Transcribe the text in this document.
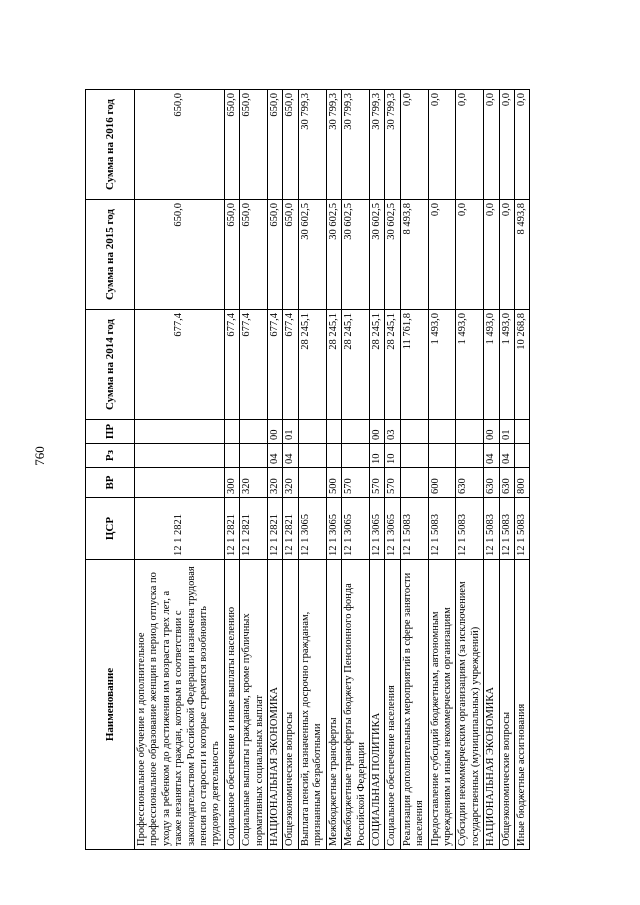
760
Наименование	ЦСР	ВР	Рз	ПР	Сумма на 2014 год	Сумма на 2015 год	Сумма на 2016 год
Профессиональное обучение и дополнительное профессиональное образование женщин в период отпуска по уходу за ребенком до достижения им возраста трех лет, а также незанятых граждан, которым в соответствии с законодательством Российской Федерации назначена трудовая пенсия по старости и которые стремятся возобновить трудовую деятельность	12 1 2821				677,4	650,0	650,0
Социальное обеспечение и иные выплаты населению	12 1 2821	300			677,4	650,0	650,0
Социальные выплаты гражданам, кроме публичных нормативных социальных выплат	12 1 2821	320			677,4	650,0	650,0
НАЦИОНАЛЬНАЯ ЭКОНОМИКА	12 1 2821	320	04	00	677,4	650,0	650,0
Общеэкономические вопросы	12 1 2821	320	04	01	677,4	650,0	650,0
Выплата пенсий, назначенных досрочно гражданам, признанным безработными	12 1 3065				28 245,1	30 602,5	30 799,3
Межбюджетные трансферты	12 1 3065	500			28 245,1	30 602,5	30 799,3
Межбюджетные трансферты бюджету Пенсионного фонда Российской Федерации	12 1 3065	570			28 245,1	30 602,5	30 799,3
СОЦИАЛЬНАЯ ПОЛИТИКА	12 1 3065	570	10	00	28 245,1	30 602,5	30 799,3
Социальное обеспечение населения	12 1 3065	570	10	03	28 245,1	30 602,5	30 799,3
Реализация дополнительных мероприятий в сфере занятости населения	12 1 5083				11 761,8	8 493,8	0,0
Предоставление субсидий бюджетным, автономным учреждениям и иным некоммерческим организациям	12 1 5083	600			1 493,0	0,0	0,0
Субсидии некоммерческим организациям (за исключением государственных (муниципальных) учреждений)	12 1 5083	630			1 493,0	0,0	0,0
НАЦИОНАЛЬНАЯ ЭКОНОМИКА	12 1 5083	630	04	00	1 493,0	0,0	0,0
Общеэкономические вопросы	12 1 5083	630	04	01	1 493,0	0,0	0,0
Иные бюджетные ассигнования	12 1 5083	800			10 268,8	8 493,8	0,0
